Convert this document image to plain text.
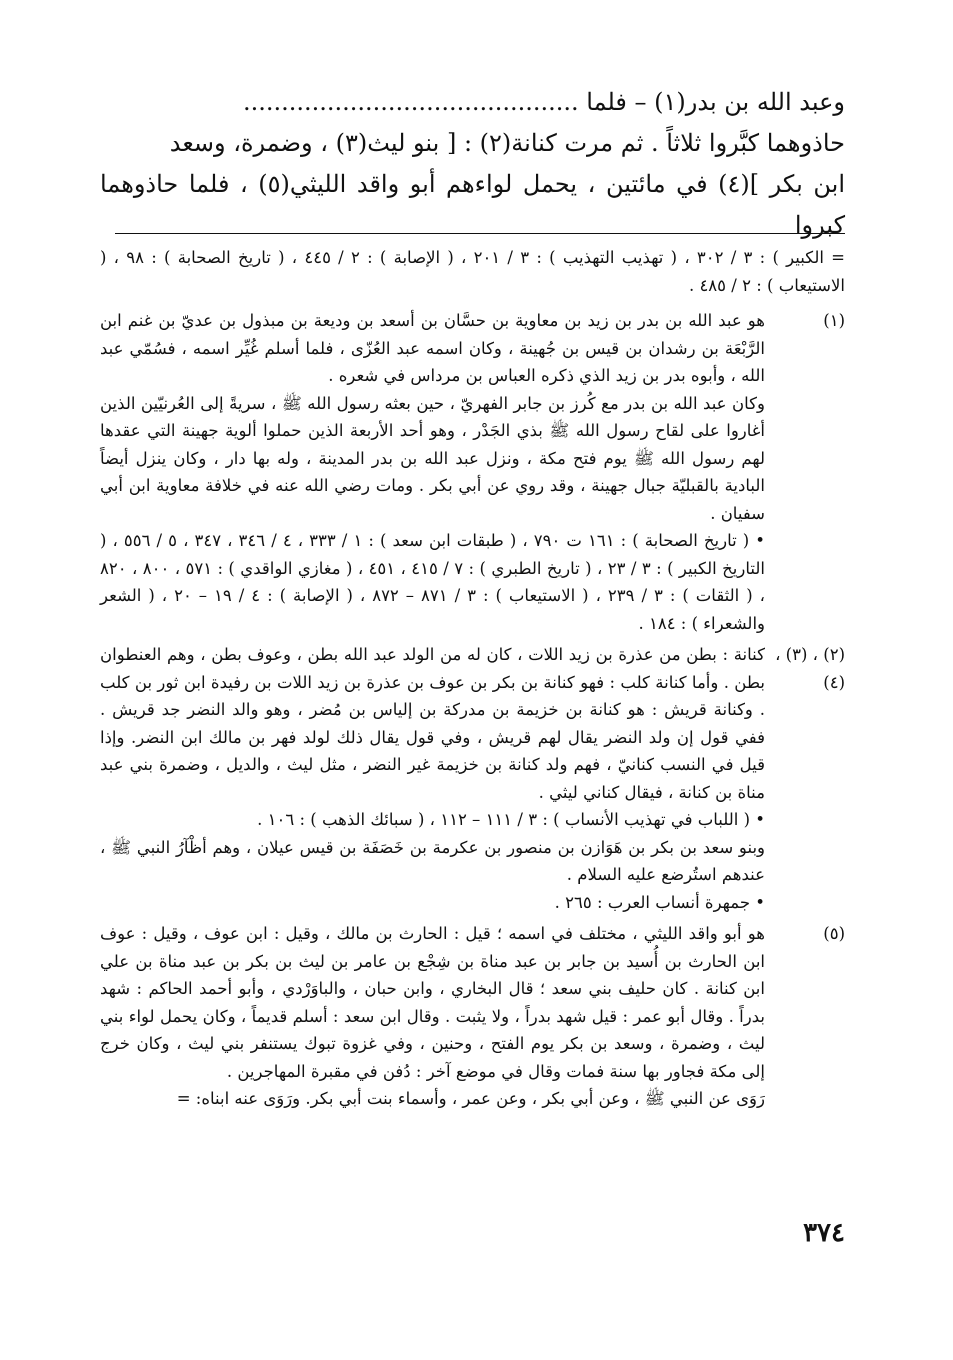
وعبد الله بن بدر(١) – فلما ............................................

حاذوهما كبَّروا ثلاثاً . ثم مرت كنانة(٢) : [ بنو ليث(٣) ، وضمرة، وسعد

ابن بكر ](٤) في مائتين ، يحمل لواءهم أبو واقد الليثي(٥) ، فلما حاذوهما كبروا

= الكبير ) : ٣ / ٣٠٢ ، ( تهذيب التهذيب ) : ٣ / ٢٠١ ، ( الإصابة ) : ٢ / ٤٤٥ ، ( تاريخ الصحابة ) : ٩٨ ، ( الاستيعاب ) : ٢ / ٤٨٥ .

(١)

هو عبد الله بن بدر بن زيد بن معاوية بن حسَّان بن أسعد بن وديعة بن مبذول بن عديّ بن غنم ابن الرَّبْعَة بن رشدان بن قيس بن جُهينة ، وكان اسمه عبد العُزّى ، فلما أسلم غُيِّر اسمه ، فسُمّي عبد الله ، وأبوه بدر بن زيد الذي ذكره العباس بن مرداس في شعره .

وكان عبد الله بن بدر مع كُرز بن جابر الفهريّ ، حين بعثه رسول الله ﷺ ، سريةً إلى العُرنيّين الذين أغاروا على لقاح رسول الله ﷺ بذي الجَدْر ، وهو أحد الأربعة الذين حملوا ألوية جهينة التي عقدها لهم رسول الله ﷺ يوم فتح مكة ، ونزل عبد الله بن بدر المدينة ، وله بها دار ، وكان ينزل أيضاً البادية بالقبليّة جبال جهينة ، وقد روي عن أبي بكر . ومات رضي الله عنه في خلافة معاوية ابن أبي سفيان .

• ( تاريخ الصحابة ) : ١٦١ ت ٧٩٠ ، ( طبقات ابن سعد ) : ١ / ٣٣٣ ، ٤ / ٣٤٦ ، ٣٤٧ ، ٥ / ٥٥٦ ، ( التاريخ الكبير ) : ٣ / ٢٣ ، ( تاريخ الطبري ) : ٧ / ٤١٥ ، ٤٥١ ، ( مغازي الواقدي ) : ٥٧١ ، ٨٠٠ ، ٨٢٠ ، ( الثقات ) : ٣ / ٢٣٩ ، ( الاستيعاب ) : ٣ / ٨٧١ – ٨٧٢ ، ( الإصابة ) : ٤ / ١٩ – ٢٠ ، ( الشعر والشعراء ) : ١٨٤ .

(٢) ، (٣) ،(٤)

كنانة : بطن من عذرة بن زيد اللات ، كان له من الولد عبد الله بطن ، وعوف بطن ، وهم العنطوان بطن . وأما كنانة كلب : فهو كنانة بن بكر بن عوف بن عذرة بن زيد اللات بن رفيدة ابن ثور بن كلب . وكنانة قريش : هو كنانة بن خزيمة بن مدركة بن إلياس بن مُضر ، وهو والد النضر جد قريش . ففي قول إن ولد النضر يقال لهم قريش ، وفي قول يقال ذلك لولد فهر بن مالك ابن النضر. وإذا قيل في النسب كنانيّ ، فهم ولد كنانة بن خزيمة غير النضر ، مثل ليث ، والديل ، وضمرة بني عبد مناة بن كنانة ، فيقال كناني ليثي .

• ( اللباب في تهذيب الأنساب ) : ٣ / ١١١ – ١١٢ ، ( سبائك الذهب ) : ١٠٦ .

وبنو سعد بن بكر بن هَوَازن بن منصور بن عكرمة بن خَصَفَة بن قيس عيلان ، وهم أظْآرُ النبي ﷺ ، عندهم استُرضع عليه السلام .

• جمهرة أنساب العرب : ٢٦٥ .

(٥)

هو أبو واقد الليثي ، مختلف في اسمه ؛ قيل : الحارث بن مالك ، وقيل : ابن عوف ، وقيل : عوف ابن الحارث بن أُسيد بن جابر بن عبد مناة بن شِجْع بن عامر بن ليث بن بكر بن عبد مناة بن علي ابن كنانة . كان حليف بني سعد ؛ قال البخاري ، وابن حبان ، والباوَرْدي ، وأبو أحمد الحاكم : شهد بدراً . وقال أبو عمر : قيل شهد بدراً ، ولا يثبت . وقال ابن سعد : أسلم قديماً ، وكان يحمل لواء بني ليث ، وضمرة ، وسعد بن بكر يوم الفتح ، وحنين ، وفي غزوة تبوك يستنفر بني ليث ، وكان خرج إلى مكة فجاور بها سنة فمات وقال في موضع آخر : دُفن في مقبرة المهاجرين .

رَوَى عن النبي ﷺ ، وعن أبي بكر ، وعن عمر ، وأسماء بنت أبي بكر. ورَوَى عنه ابناه: =

٣٧٤
